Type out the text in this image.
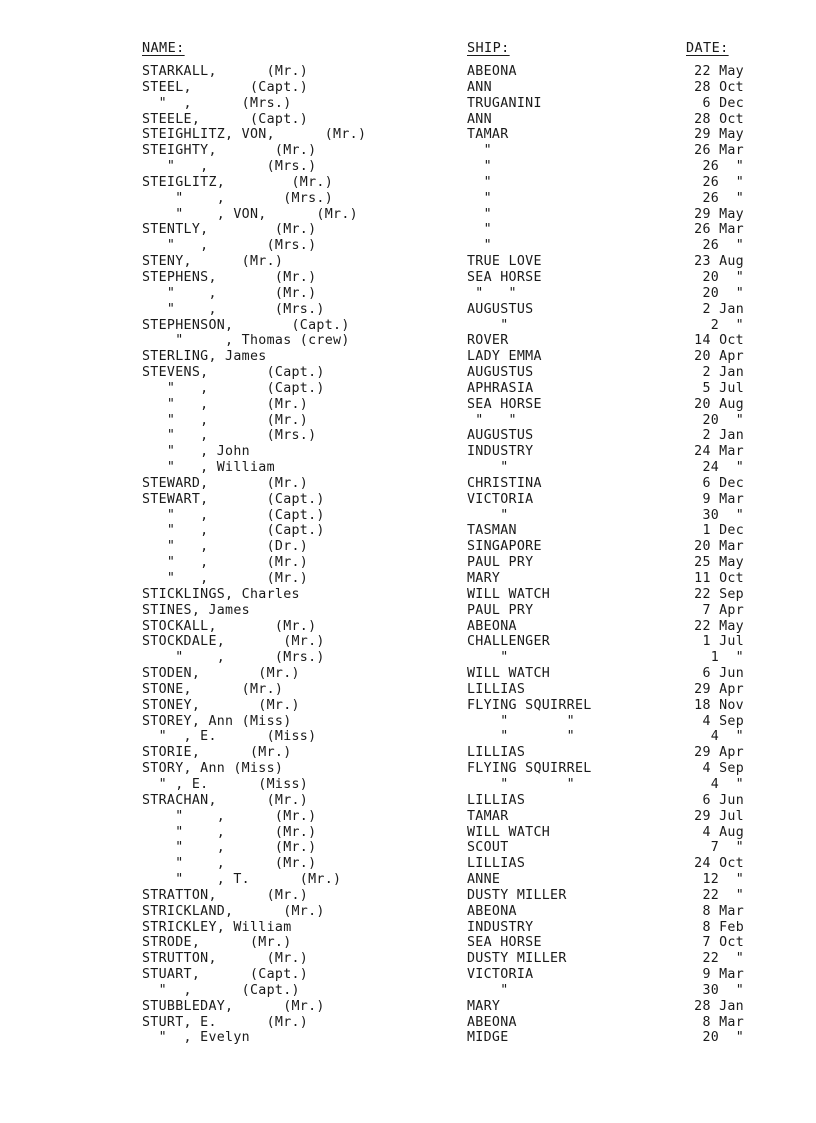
NAME:	SHIP:	DATE:
STARKALL,      (Mr.)	ABEONA	22 May
STEEL,       (Capt.)	ANN	28 Oct
"  ,      (Mrs.)	TRUGANINI	6 Dec
STEELE,      (Capt.)	ANN	28 Oct
STEIGHLITZ, VON,      (Mr.)	TAMAR	29 May
STEIGHTY,       (Mr.)	"	26 Mar
"   ,       (Mrs.)	"	26  "
STEIGLITZ,        (Mr.)	"	26  "
"    ,       (Mrs.)	"	26  "
"    , VON,      (Mr.)	"	29 May
STENTLY,        (Mr.)	"	26 Mar
"   ,       (Mrs.)	"	26  "
STENY,      (Mr.)	TRUE LOVE	23 Aug
STEPHENS,       (Mr.)	SEA HORSE	20  "
"    ,       (Mr.)	"   "	20  "
"    ,       (Mrs.)	AUGUSTUS	2 Jan
STEPHENSON,       (Capt.)	"	2  "
"     , Thomas (crew)	ROVER	14 Oct
STERLING, James	LADY EMMA	20 Apr
STEVENS,       (Capt.)	AUGUSTUS	2 Jan
"   ,       (Capt.)	APHRASIA	5 Jul
"   ,       (Mr.)	SEA HORSE	20 Aug
"   ,       (Mr.)	"   "	20  "
"   ,       (Mrs.)	AUGUSTUS	2 Jan
"   , John	INDUSTRY	24 Mar
"   , William	"	24  "
STEWARD,       (Mr.)	CHRISTINA	6 Dec
STEWART,       (Capt.)	VICTORIA	9 Mar
"   ,       (Capt.)	"	30  "
"   ,       (Capt.)	TASMAN	1 Dec
"   ,       (Dr.)	SINGAPORE	20 Mar
"   ,       (Mr.)	PAUL PRY	25 May
"   ,       (Mr.)	MARY	11 Oct
STICKLINGS, Charles	WILL WATCH	22 Sep
STINES, James	PAUL PRY	7 Apr
STOCKALL,       (Mr.)	ABEONA	22 May
STOCKDALE,       (Mr.)	CHALLENGER	1 Jul
"    ,      (Mrs.)	"	1  "
STODEN,       (Mr.)	WILL WATCH	6 Jun
STONE,      (Mr.)	LILLIAS	29 Apr
STONEY,       (Mr.)	FLYING SQUIRREL	18 Nov
STOREY, Ann (Miss)	"       "	4 Sep
"  , E.      (Miss)	"       "	4  "
STORIE,      (Mr.)	LILLIAS	29 Apr
STORY, Ann (Miss)	FLYING SQUIRREL	4 Sep
" , E.      (Miss)	"       "	4  "
STRACHAN,      (Mr.)	LILLIAS	6 Jun
"    ,      (Mr.)	TAMAR	29 Jul
"    ,      (Mr.)	WILL WATCH	4 Aug
"    ,      (Mr.)	SCOUT	7  "
"    ,      (Mr.)	LILLIAS	24 Oct
"    , T.      (Mr.)	ANNE	12  "
STRATTON,      (Mr.)	DUSTY MILLER	22  "
STRICKLAND,      (Mr.)	ABEONA	8 Mar
STRICKLEY, William	INDUSTRY	8 Feb
STRODE,      (Mr.)	SEA HORSE	7 Oct
STRUTTON,      (Mr.)	DUSTY MILLER	22  "
STUART,      (Capt.)	VICTORIA	9 Mar
"  ,      (Capt.)	"	30  "
STUBBLEDAY,      (Mr.)	MARY	28 Jan
STURT, E.      (Mr.)	ABEONA	8 Mar
"  , Evelyn	MIDGE	20  "
